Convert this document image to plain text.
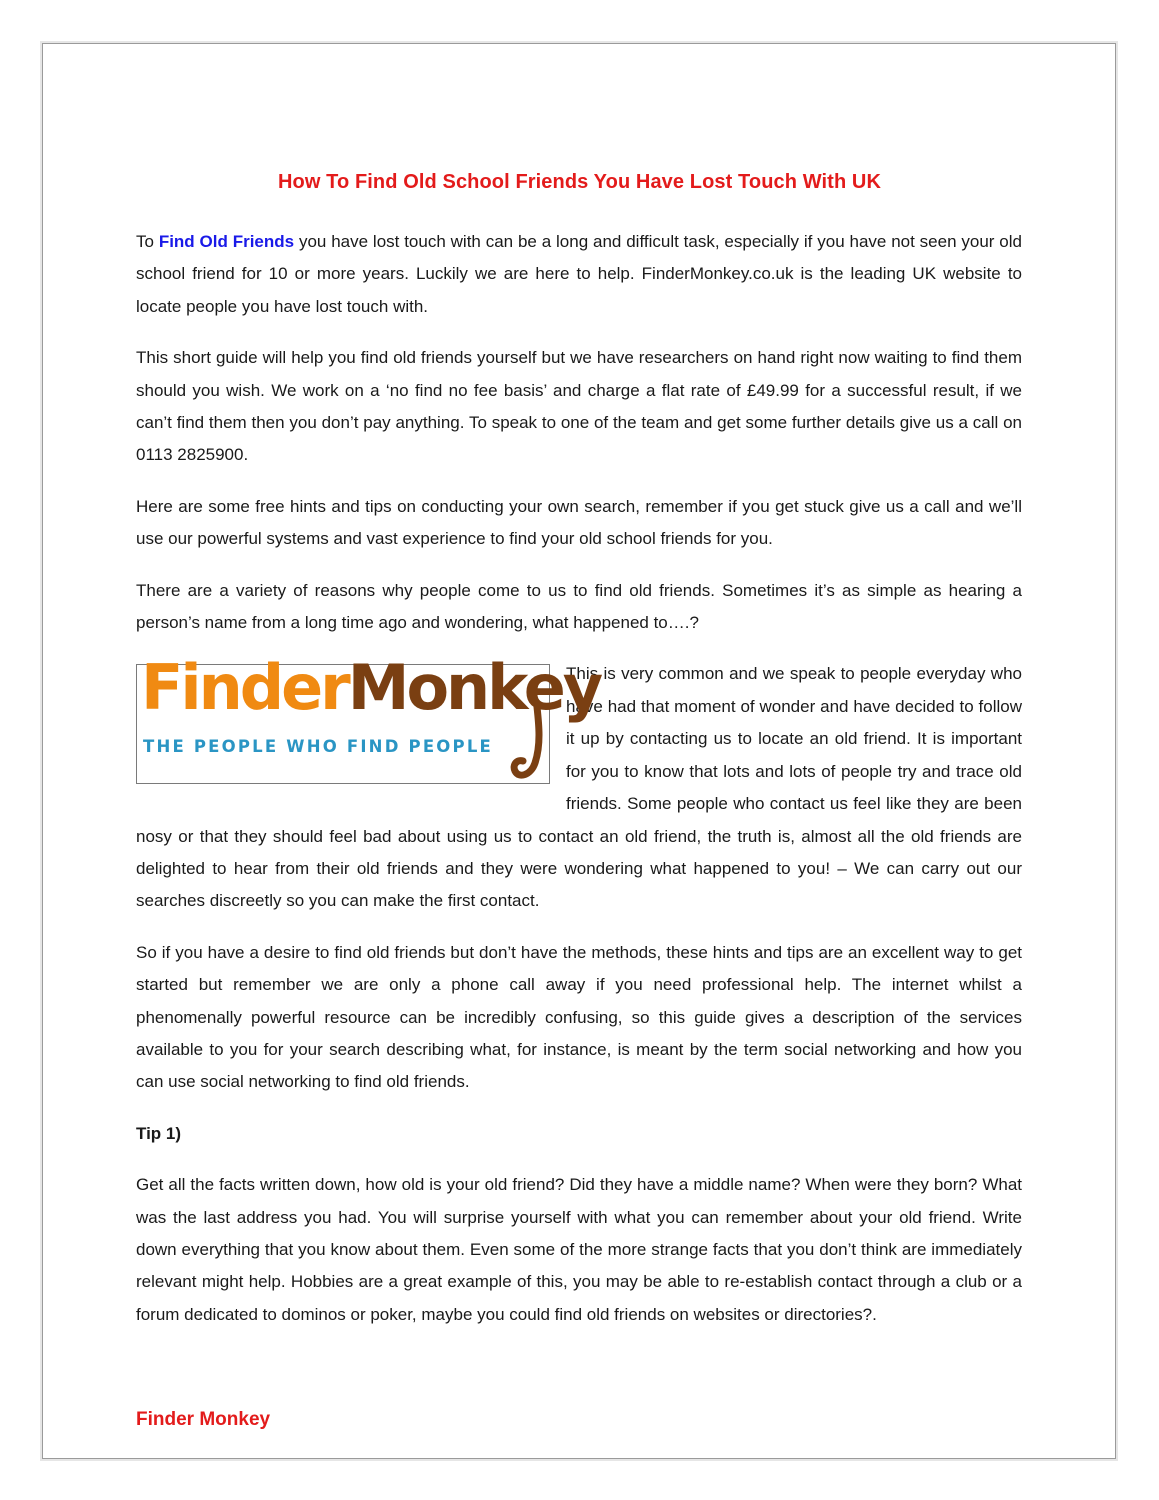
How To Find Old School Friends You Have Lost Touch With UK

To Find Old Friends you have lost touch with can be a long and difficult task, especially if you have not seen your old school friend for 10 or more years. Luckily we are here to help. FinderMonkey.co.uk is the leading UK website to locate people you have lost touch with.

This short guide will help you find old friends yourself but we have researchers on hand right now waiting to find them should you wish. We work on a ‘no find no fee basis’ and charge a flat rate of £49.99 for a successful result, if we can’t find them then you don’t pay anything. To speak to one of the team and get some further details give us a call on 0113 2825900.

Here are some free hints and tips on conducting your own search, remember if you get stuck give us a call and we’ll use our powerful systems and vast experience to find your old school friends for you.

There are a variety of reasons why people come to us to find old friends. Sometimes it’s as simple as hearing a person’s name from a long time ago and wondering, what happened to….?

FinderMonkey
THE PEOPLE WHO FIND PEOPLE

This is very common and we speak to people everyday who have had that moment of wonder and have decided to follow it up by contacting us to locate an old friend. It is important for you to know that lots and lots of people try and trace old friends. Some people who contact us feel like they are been nosy or that they should feel bad about using us to contact an old friend, the truth is, almost all the old friends are delighted to hear from their old friends and they were wondering what happened to you! – We can carry out our searches discreetly so you can make the first contact.

So if you have a desire to find old friends but don’t have the methods, these hints and tips are an excellent way to get started but remember we are only a phone call away if you need professional help. The internet whilst a phenomenally powerful resource can be incredibly confusing, so this guide gives a description of the services available to you for your search describing what, for instance, is meant by the term social networking and how you can use social networking to find old friends.

Tip 1)

Get all the facts written down, how old is your old friend? Did they have a middle name? When were they born? What was the last address you had. You will surprise yourself with what you can remember about your old friend. Write down everything that you know about them. Even some of the more strange facts that you don’t think are immediately relevant might help. Hobbies are a great example of this, you may be able to re-establish contact through a club or a forum dedicated to dominos or poker, maybe you could find old friends on websites or directories?.

Finder Monkey
